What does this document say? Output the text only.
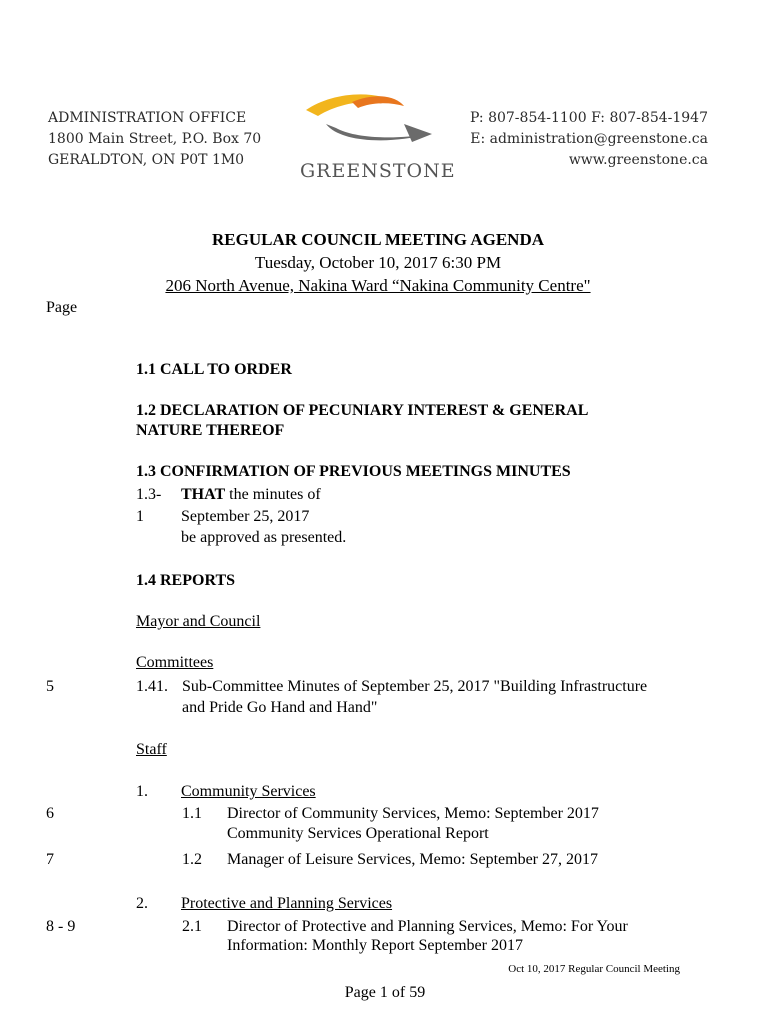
ADMINISTRATION OFFICE
1800 Main Street, P.O. Box 70
GERALDTON, ON P0T 1M0	GREENSTONE
P: 807-854-1100 F: 807-854-1947
E: administration@greenstone.ca
www.greenstone.ca
REGULAR COUNCIL MEETING AGENDA
Tuesday, October 10, 2017 6:30 PM
206 North Avenue, Nakina Ward “Nakina Community Centre"
Page
1.1 CALL TO ORDER
1.2 DECLARATION OF PECUNIARY INTEREST & GENERAL
NATURE THEREOF
1.3 CONFIRMATION OF PREVIOUS MEETINGS MINUTES
1.3-
1
THAT the minutes of
September 25, 2017
be approved as presented.
1.4 REPORTS
Mayor and Council
Committees
5	1.41. Sub-Committee Minutes of September 25, 2017 "Building Infrastructure
and Pride Go Hand and Hand"
Staff
1. Community Services
6	1.1 Director of Community Services, Memo: September 2017
Community Services Operational Report
7	1.2 Manager of Leisure Services, Memo: September 27, 2017
2. Protective and Planning Services
8 - 9	2.1 Director of Protective and Planning Services, Memo: For Your
Information: Monthly Report September 2017
Oct 10, 2017 Regular Council Meeting
Page 1 of 59
